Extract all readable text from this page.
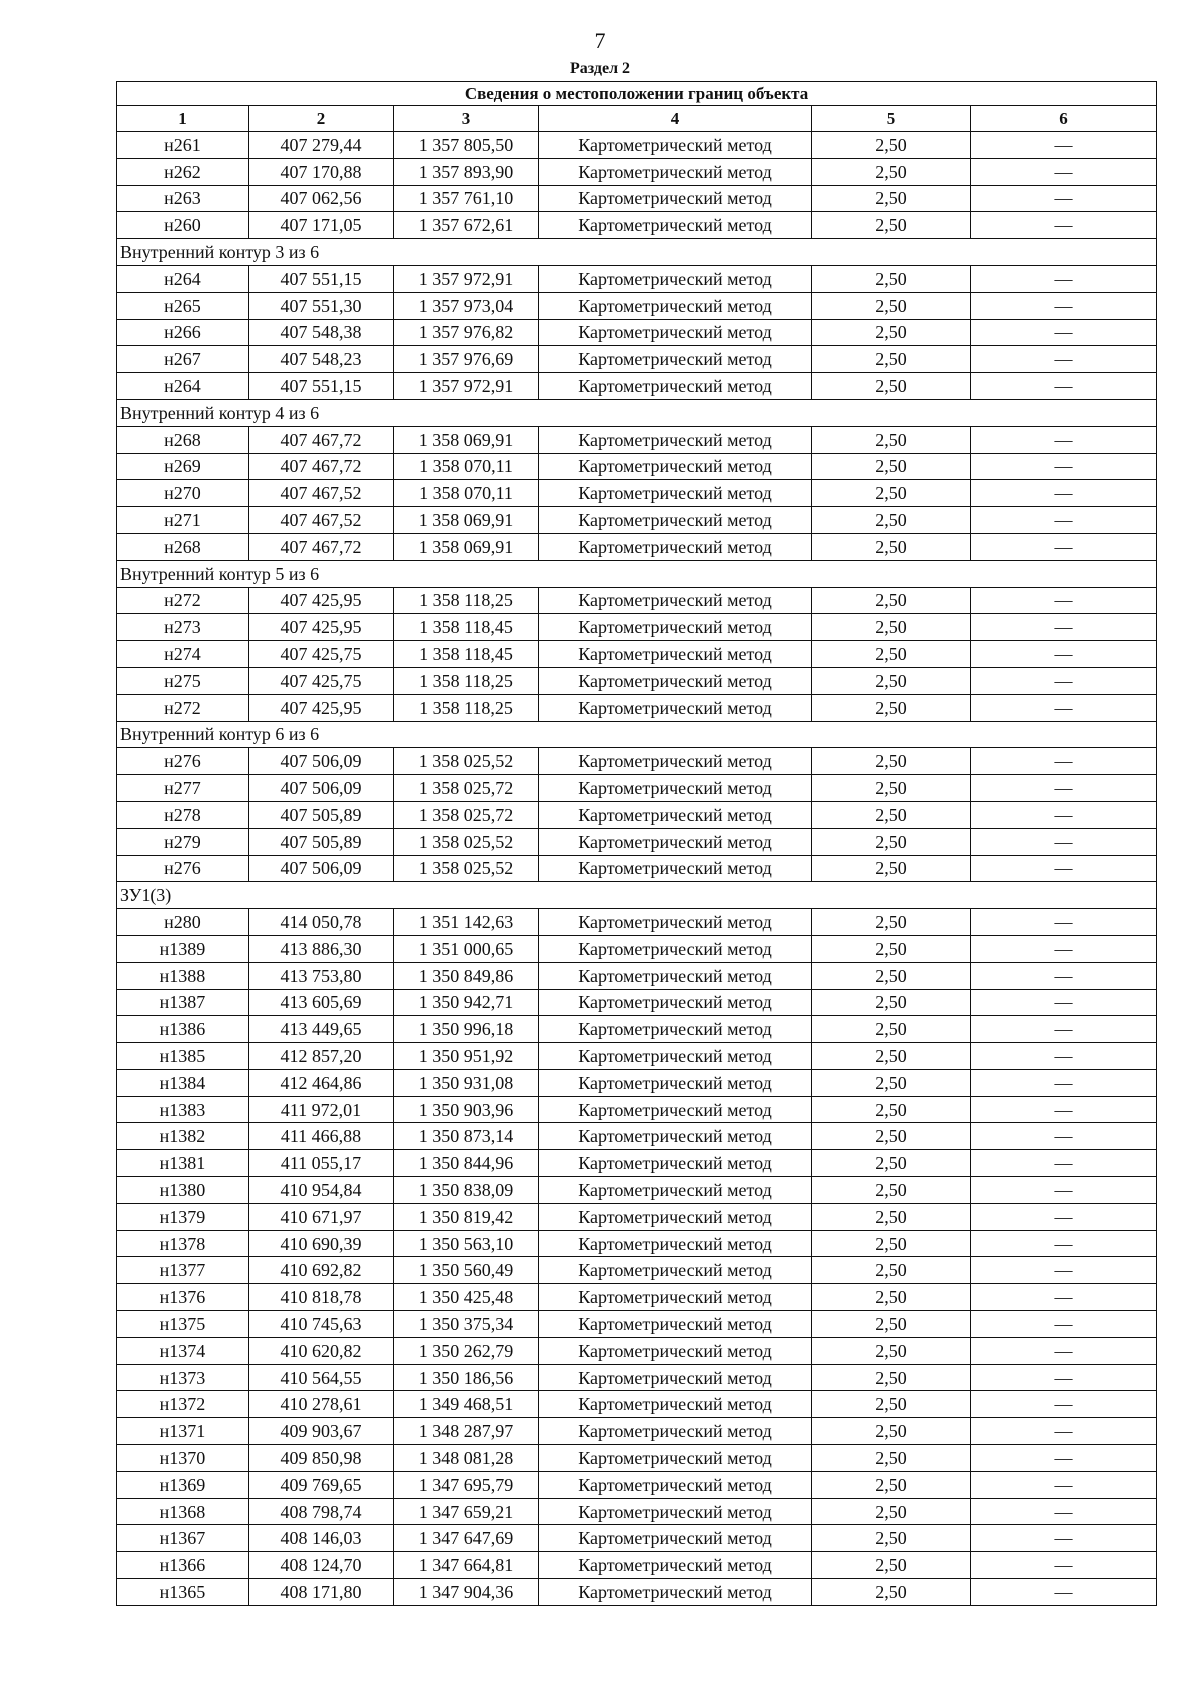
7
Раздел 2
Сведения о местоположении границ объекта					
1	2	3	4	5	6
н261	407 279,44	1 357 805,50	Картометрический метод	2,50	—
н262	407 170,88	1 357 893,90	Картометрический метод	2,50	—
н263	407 062,56	1 357 761,10	Картометрический метод	2,50	—
н260	407 171,05	1 357 672,61	Картометрический метод	2,50	—
Внутренний контур 3 из 6					
н264	407 551,15	1 357 972,91	Картометрический метод	2,50	—
н265	407 551,30	1 357 973,04	Картометрический метод	2,50	—
н266	407 548,38	1 357 976,82	Картометрический метод	2,50	—
н267	407 548,23	1 357 976,69	Картометрический метод	2,50	—
н264	407 551,15	1 357 972,91	Картометрический метод	2,50	—
Внутренний контур 4 из 6					
н268	407 467,72	1 358 069,91	Картометрический метод	2,50	—
н269	407 467,72	1 358 070,11	Картометрический метод	2,50	—
н270	407 467,52	1 358 070,11	Картометрический метод	2,50	—
н271	407 467,52	1 358 069,91	Картометрический метод	2,50	—
н268	407 467,72	1 358 069,91	Картометрический метод	2,50	—
Внутренний контур 5 из 6					
н272	407 425,95	1 358 118,25	Картометрический метод	2,50	—
н273	407 425,95	1 358 118,45	Картометрический метод	2,50	—
н274	407 425,75	1 358 118,45	Картометрический метод	2,50	—
н275	407 425,75	1 358 118,25	Картометрический метод	2,50	—
н272	407 425,95	1 358 118,25	Картометрический метод	2,50	—
Внутренний контур 6 из 6					
н276	407 506,09	1 358 025,52	Картометрический метод	2,50	—
н277	407 506,09	1 358 025,72	Картометрический метод	2,50	—
н278	407 505,89	1 358 025,72	Картометрический метод	2,50	—
н279	407 505,89	1 358 025,52	Картометрический метод	2,50	—
н276	407 506,09	1 358 025,52	Картометрический метод	2,50	—
ЗУ1(3)					
н280	414 050,78	1 351 142,63	Картометрический метод	2,50	—
н1389	413 886,30	1 351 000,65	Картометрический метод	2,50	—
н1388	413 753,80	1 350 849,86	Картометрический метод	2,50	—
н1387	413 605,69	1 350 942,71	Картометрический метод	2,50	—
н1386	413 449,65	1 350 996,18	Картометрический метод	2,50	—
н1385	412 857,20	1 350 951,92	Картометрический метод	2,50	—
н1384	412 464,86	1 350 931,08	Картометрический метод	2,50	—
н1383	411 972,01	1 350 903,96	Картометрический метод	2,50	—
н1382	411 466,88	1 350 873,14	Картометрический метод	2,50	—
н1381	411 055,17	1 350 844,96	Картометрический метод	2,50	—
н1380	410 954,84	1 350 838,09	Картометрический метод	2,50	—
н1379	410 671,97	1 350 819,42	Картометрический метод	2,50	—
н1378	410 690,39	1 350 563,10	Картометрический метод	2,50	—
н1377	410 692,82	1 350 560,49	Картометрический метод	2,50	—
н1376	410 818,78	1 350 425,48	Картометрический метод	2,50	—
н1375	410 745,63	1 350 375,34	Картометрический метод	2,50	—
н1374	410 620,82	1 350 262,79	Картометрический метод	2,50	—
н1373	410 564,55	1 350 186,56	Картометрический метод	2,50	—
н1372	410 278,61	1 349 468,51	Картометрический метод	2,50	—
н1371	409 903,67	1 348 287,97	Картометрический метод	2,50	—
н1370	409 850,98	1 348 081,28	Картометрический метод	2,50	—
н1369	409 769,65	1 347 695,79	Картометрический метод	2,50	—
н1368	408 798,74	1 347 659,21	Картометрический метод	2,50	—
н1367	408 146,03	1 347 647,69	Картометрический метод	2,50	—
н1366	408 124,70	1 347 664,81	Картометрический метод	2,50	—
н1365	408 171,80	1 347 904,36	Картометрический метод	2,50	—
